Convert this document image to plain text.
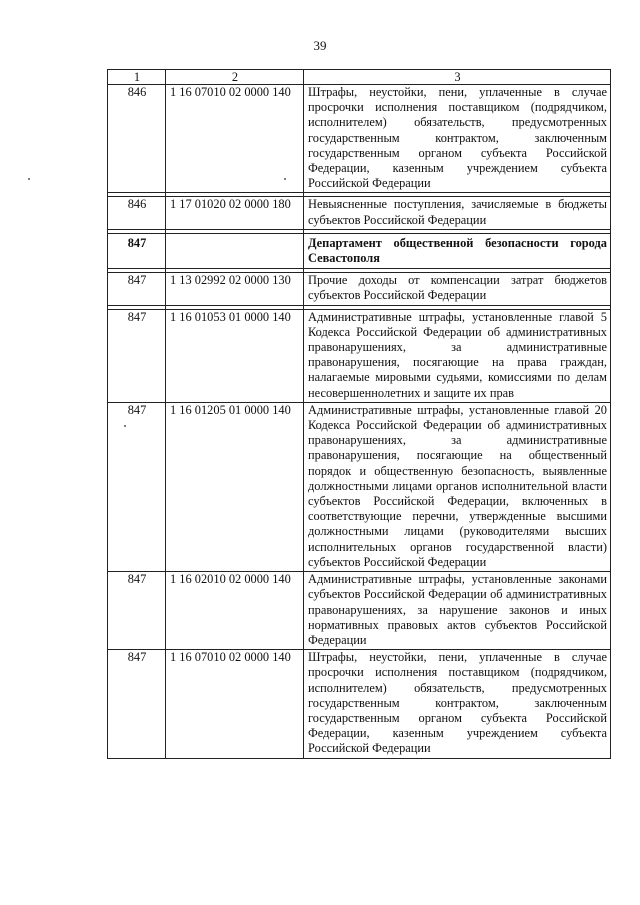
39
1	2	3
846	1 16 07010 02 0000 140	Штрафы, неустойки, пени, уплаченные в случае просрочки исполнения поставщиком (подрядчиком, исполнителем) обязательств, предусмотренных государственным контрактом, заключенным государственным органом субъекта Российской Федерации, казенным учреждением субъекта Российской Федерации

846	1 17 01020 02 0000 180	Невыясненные поступления, зачисляемые в бюджеты субъектов Российской Федерации

847		Департамент общественной безопасности города Севастополя

847	1 13 02992 02 0000 130	Прочие доходы от компенсации затрат бюджетов субъектов Российской Федерации

847	1 16 01053 01 0000 140	Административные штрафы, установленные главой 5 Кодекса Российской Федерации об административных правонарушениях, за административные правонарушения, посягающие на права граждан, налагаемые мировыми судьями, комиссиями по делам несовершеннолетних и защите их прав
847	1 16 01205 01 0000 140	Административные штрафы, установленные главой 20 Кодекса Российской Федерации об административных правонарушениях, за административные правонарушения, посягающие на общественный порядок и общественную безопасность, выявленные должностными лицами органов исполнительной власти субъектов Российской Федерации, включенных в соответствующие перечни, утвержденные высшими должностными лицами (руководителями высших исполнительных органов государственной власти) субъектов Российской Федерации
847	1 16 02010 02 0000 140	Административные штрафы, установленные законами субъектов Российской Федерации об административных правонарушениях, за нарушение законов и иных нормативных правовых актов субъектов Российской Федерации
847	1 16 07010 02 0000 140	Штрафы, неустойки, пени, уплаченные в случае просрочки исполнения поставщиком (подрядчиком, исполнителем) обязательств, предусмотренных государственным контрактом, заключенным государственным органом субъекта Российской Федерации, казенным учреждением субъекта Российской Федерации
